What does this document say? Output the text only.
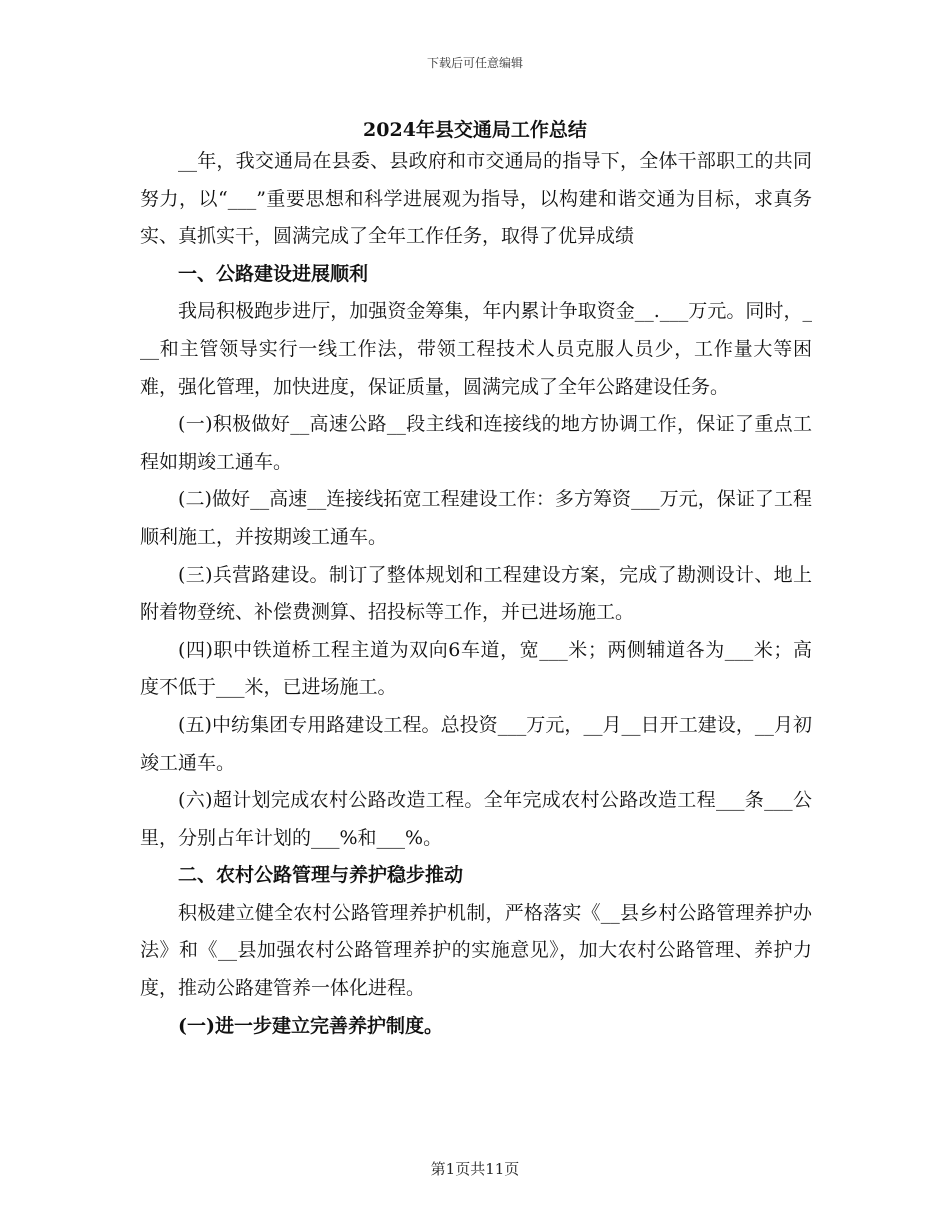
下载后可任意编辑
2024年县交通局工作总结

__年，我交通局在县委、县政府和市交通局的指导下，全体干部职工的共同努力，以“___”重要思想和科学进展观为指导，以构建和谐交通为目标，求真务实、真抓实干，圆满完成了全年工作任务，取得了优异成绩

一、公路建设进展顺利

我局积极跑步进厅，加强资金筹集，年内累计争取资金__.___万元。同时，___和主管领导实行一线工作法，带领工程技术人员克服人员少，工作量大等困难，强化管理，加快进度，保证质量，圆满完成了全年公路建设任务。

(一)积极做好__高速公路__段主线和连接线的地方协调工作，保证了重点工程如期竣工通车。

(二)做好__高速__连接线拓宽工程建设工作：多方筹资___万元，保证了工程顺利施工，并按期竣工通车。

(三)兵营路建设。制订了整体规划和工程建设方案，完成了勘测设计、地上附着物登统、补偿费测算、招投标等工作，并已进场施工。

(四)职中铁道桥工程主道为双向6车道，宽___米；两侧辅道各为___米；高度不低于___米，已进场施工。

(五)中纺集团专用路建设工程。总投资___万元，__月__日开工建设，__月初竣工通车。

(六)超计划完成农村公路改造工程。全年完成农村公路改造工程___条___公里，分别占年计划的___%和___%。

二、农村公路管理与养护稳步推动

积极建立健全农村公路管理养护机制，严格落实《__县乡村公路管理养护办法》和《__县加强农村公路管理养护的实施意见》，加大农村公路管理、养护力度，推动公路建管养一体化进程。

(一)进一步建立完善养护制度。

第1页共11页
